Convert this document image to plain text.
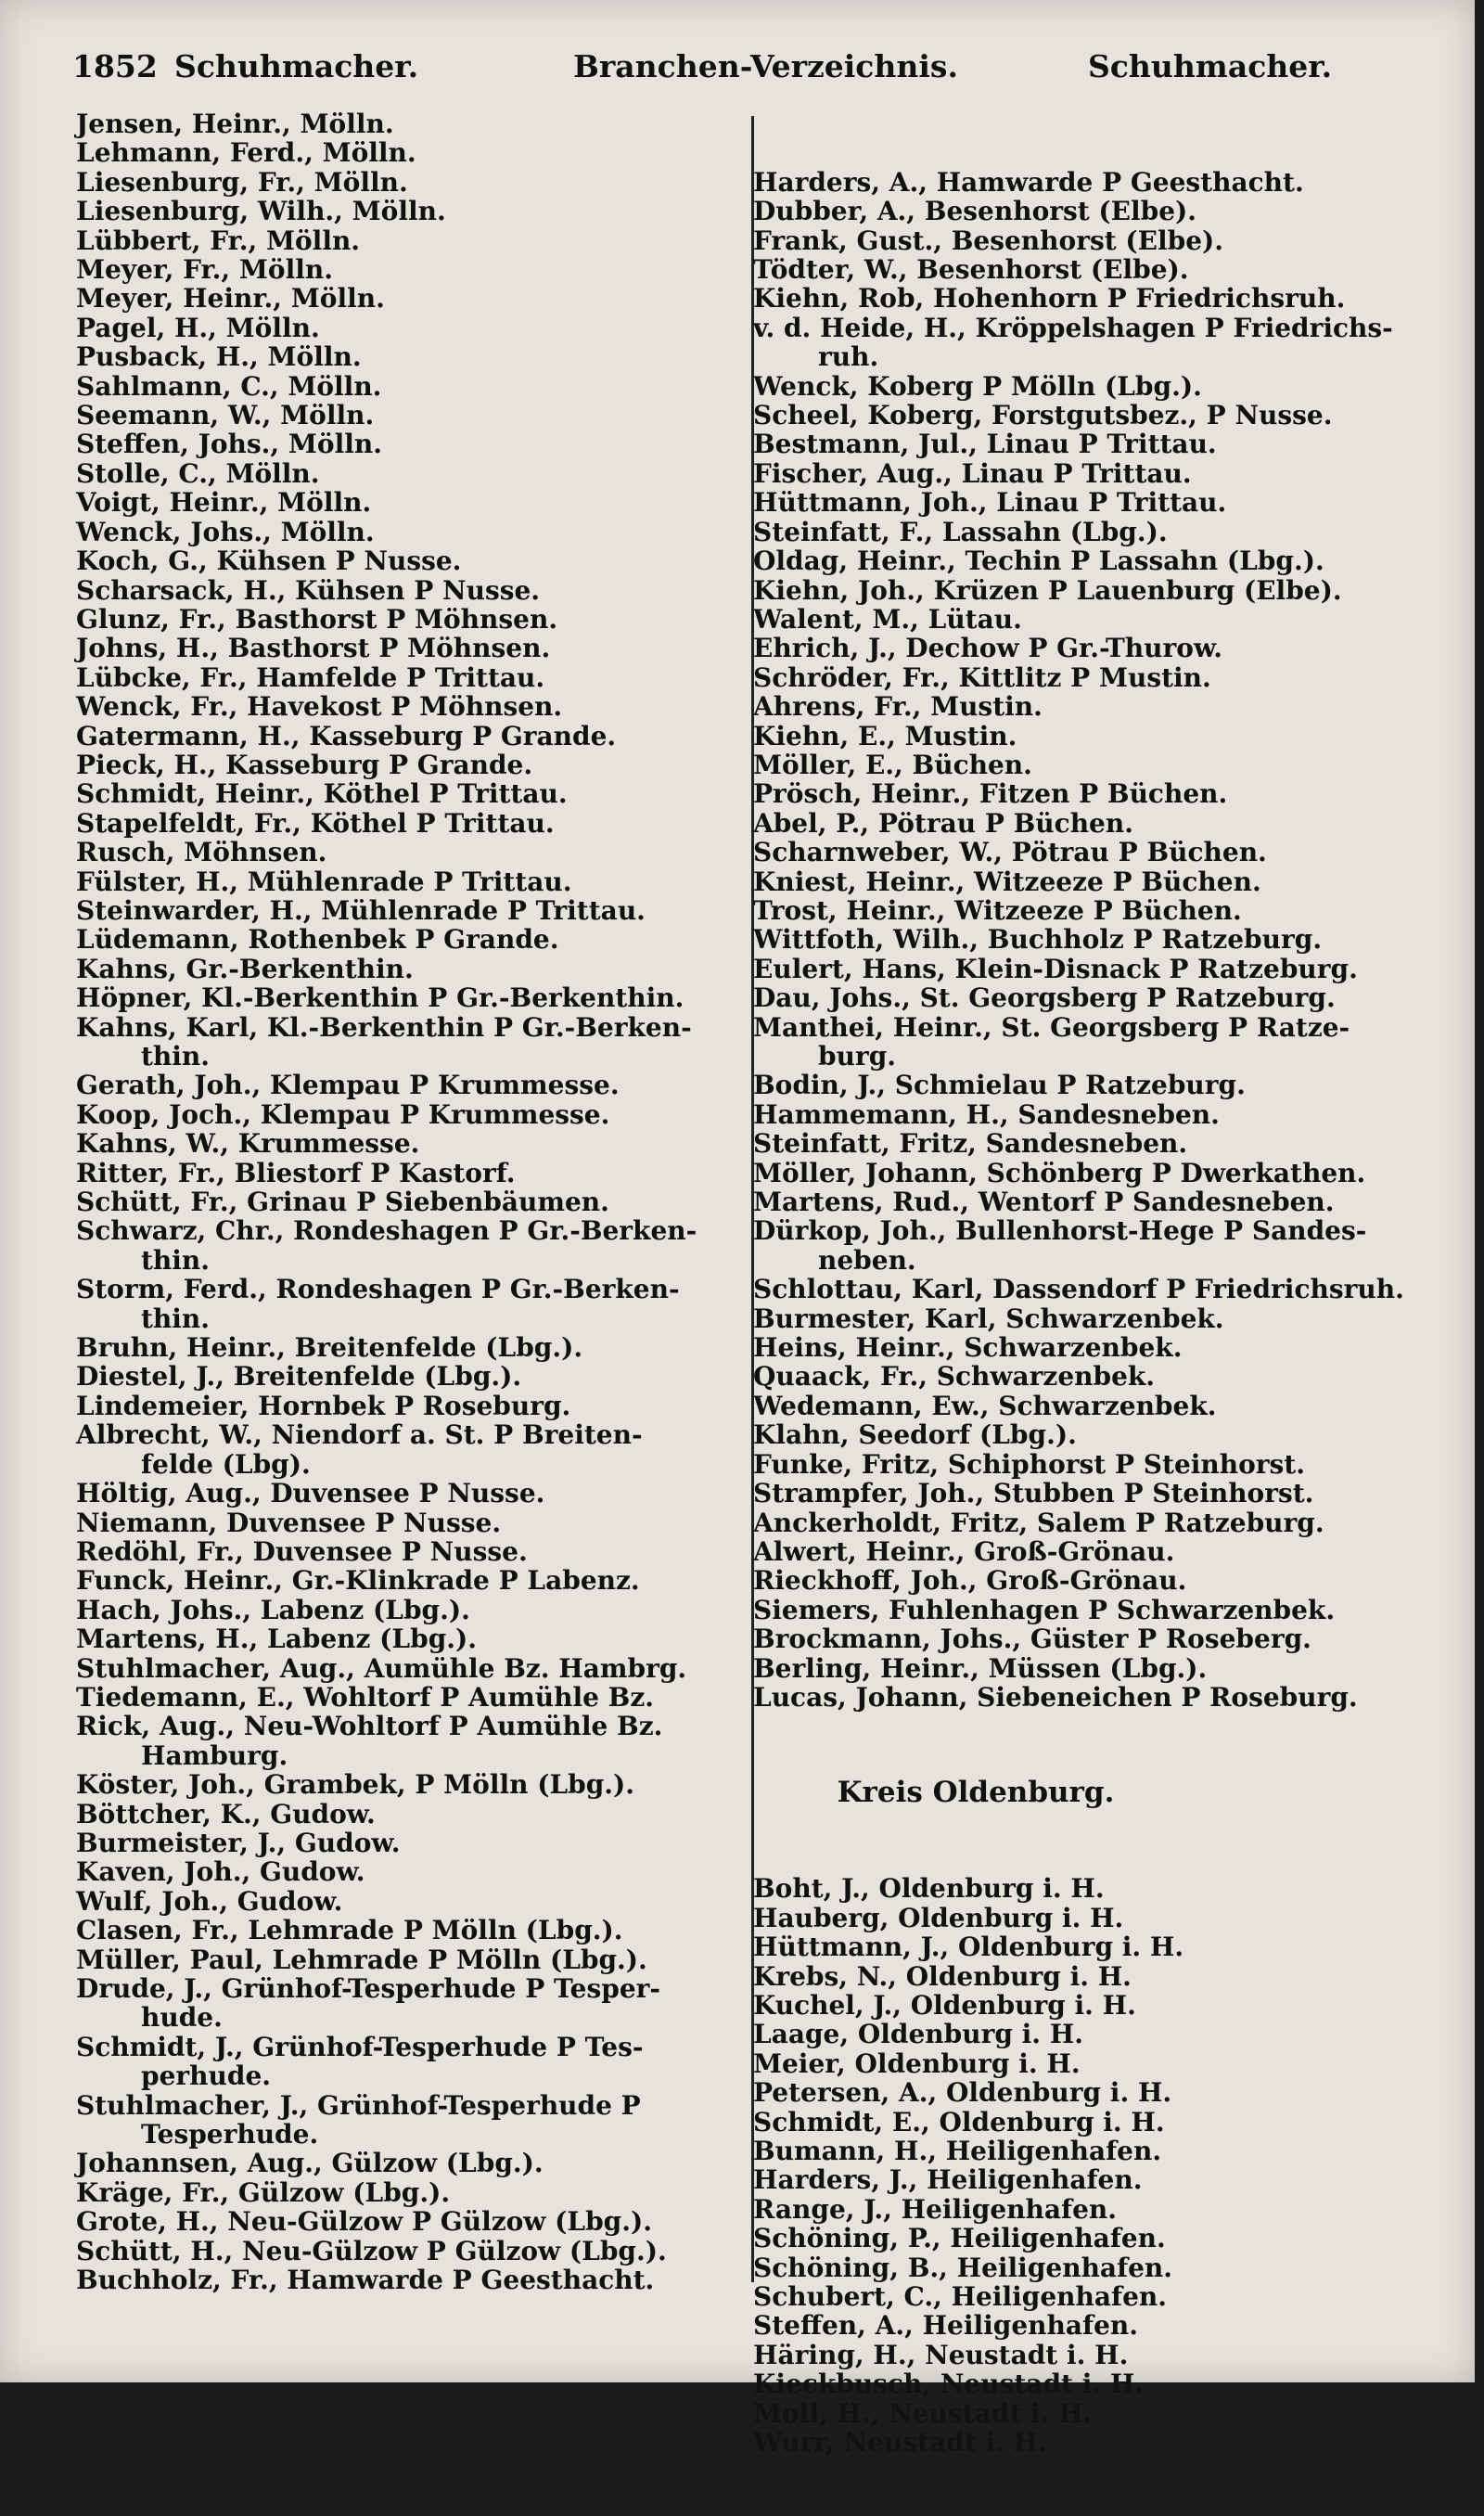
1852 Schuhmacher.	Branchen-Verzeichnis.	Schuhmacher.
Jensen, Heinr., Mölln.
Lehmann, Ferd., Mölln.
Liesenburg, Fr., Mölln.
Liesenburg, Wilh., Mölln.
Lübbert, Fr., Mölln.
Meyer, Fr., Mölln.
Meyer, Heinr., Mölln.
Pagel, H., Mölln.
Pusback, H., Mölln.
Sahlmann, C., Mölln.
Seemann, W., Mölln.
Steffen, Johs., Mölln.
Stolle, C., Mölln.
Voigt, Heinr., Mölln.
Wenck, Johs., Mölln.
Koch, G., Kühsen P Nusse.
Scharsack, H., Kühsen P Nusse.
Glunz, Fr., Basthorst P Möhnsen.
Johns, H., Basthorst P Möhnsen.
Lübcke, Fr., Hamfelde P Trittau.
Wenck, Fr., Havekost P Möhnsen.
Gatermann, H., Kasseburg P Grande.
Pieck, H., Kasseburg P Grande.
Schmidt, Heinr., Köthel P Trittau.
Stapelfeldt, Fr., Köthel P Trittau.
Rusch, Möhnsen.
Fülster, H., Mühlenrade P Trittau.
Steinwarder, H., Mühlenrade P Trittau.
Lüdemann, Rothenbek P Grande.
Kahns, Gr.-Berkenthin.
Höpner, Kl.-Berkenthin P Gr.-Berkenthin.
Kahns, Karl, Kl.-Berkenthin P Gr.-Berken-
thin.
Gerath, Joh., Klempau P Krummesse.
Koop, Joch., Klempau P Krummesse.
Kahns, W., Krummesse.
Ritter, Fr., Bliestorf P Kastorf.
Schütt, Fr., Grinau P Siebenbäumen.
Schwarz, Chr., Rondeshagen P Gr.-Berken-
thin.
Storm, Ferd., Rondeshagen P Gr.-Berken-
thin.
Bruhn, Heinr., Breitenfelde (Lbg.).
Diestel, J., Breitenfelde (Lbg.).
Lindemeier, Hornbek P Roseburg.
Albrecht, W., Niendorf a. St. P Breiten-
felde (Lbg).
Höltig, Aug., Duvensee P Nusse.
Niemann, Duvensee P Nusse.
Redöhl, Fr., Duvensee P Nusse.
Funck, Heinr., Gr.-Klinkrade P Labenz.
Hach, Johs., Labenz (Lbg.).
Martens, H., Labenz (Lbg.).
Stuhlmacher, Aug., Aumühle Bz. Hambrg.
Tiedemann, E., Wohltorf P Aumühle Bz.
Rick, Aug., Neu-Wohltorf P Aumühle Bz.
Hamburg.
Köster, Joh., Grambek, P Mölln (Lbg.).
Böttcher, K., Gudow.
Burmeister, J., Gudow.
Kaven, Joh., Gudow.
Wulf, Joh., Gudow.
Clasen, Fr., Lehmrade P Mölln (Lbg.).
Müller, Paul, Lehmrade P Mölln (Lbg.).
Drude, J., Grünhof-Tesperhude P Tesper-
hude.
Schmidt, J., Grünhof-Tesperhude P Tes-
perhude.
Stuhlmacher, J., Grünhof-Tesperhude P
Tesperhude.
Johannsen, Aug., Gülzow (Lbg.).
Kräge, Fr., Gülzow (Lbg.).
Grote, H., Neu-Gülzow P Gülzow (Lbg.).
Schütt, H., Neu-Gülzow P Gülzow (Lbg.).
Buchholz, Fr., Hamwarde P Geesthacht.

Harders, A., Hamwarde P Geesthacht.
Dubber, A., Besenhorst (Elbe).
Frank, Gust., Besenhorst (Elbe).
Tödter, W., Besenhorst (Elbe).
Kiehn, Rob, Hohenhorn P Friedrichsruh.
v. d. Heide, H., Kröppelshagen P Friedrichs-
ruh.
Wenck, Koberg P Mölln (Lbg.).
Scheel, Koberg, Forstgutsbez., P Nusse.
Bestmann, Jul., Linau P Trittau.
Fischer, Aug., Linau P Trittau.
Hüttmann, Joh., Linau P Trittau.
Steinfatt, F., Lassahn (Lbg.).
Oldag, Heinr., Techin P Lassahn (Lbg.).
Kiehn, Joh., Krüzen P Lauenburg (Elbe).
Walent, M., Lütau.
Ehrich, J., Dechow P Gr.-Thurow.
Schröder, Fr., Kittlitz P Mustin.
Ahrens, Fr., Mustin.
Kiehn, E., Mustin.
Möller, E., Büchen.
Prösch, Heinr., Fitzen P Büchen.
Abel, P., Pötrau P Büchen.
Scharnweber, W., Pötrau P Büchen.
Kniest, Heinr., Witzeeze P Büchen.
Trost, Heinr., Witzeeze P Büchen.
Wittfoth, Wilh., Buchholz P Ratzeburg.
Eulert, Hans, Klein-Disnack P Ratzeburg.
Dau, Johs., St. Georgsberg P Ratzeburg.
Manthei, Heinr., St. Georgsberg P Ratze-
burg.
Bodin, J., Schmielau P Ratzeburg.
Hammemann, H., Sandesneben.
Steinfatt, Fritz, Sandesneben.
Möller, Johann, Schönberg P Dwerkathen.
Martens, Rud., Wentorf P Sandesneben.
Dürkop, Joh., Bullenhorst-Hege P Sandes-
neben.
Schlottau, Karl, Dassendorf P Friedrichsruh.
Burmester, Karl, Schwarzenbek.
Heins, Heinr., Schwarzenbek.
Quaack, Fr., Schwarzenbek.
Wedemann, Ew., Schwarzenbek.
Klahn, Seedorf (Lbg.).
Funke, Fritz, Schiphorst P Steinhorst.
Strampfer, Joh., Stubben P Steinhorst.
Anckerholdt, Fritz, Salem P Ratzeburg.
Alwert, Heinr., Groß-Grönau.
Rieckhoff, Joh., Groß-Grönau.
Siemers, Fuhlenhagen P Schwarzenbek.
Brockmann, Johs., Güster P Roseberg.
Berling, Heinr., Müssen (Lbg.).
Lucas, Johann, Siebeneichen P Roseburg.

Kreis Oldenburg.

Boht, J., Oldenburg i. H.
Hauberg, Oldenburg i. H.
Hüttmann, J., Oldenburg i. H.
Krebs, N., Oldenburg i. H.
Kuchel, J., Oldenburg i. H.
Laage, Oldenburg i. H.
Meier, Oldenburg i. H.
Petersen, A., Oldenburg i. H.
Schmidt, E., Oldenburg i. H.
Bumann, H., Heiligenhafen.
Harders, J., Heiligenhafen.
Range, J., Heiligenhafen.
Schöning, P., Heiligenhafen.
Schöning, B., Heiligenhafen.
Schubert, C., Heiligenhafen.
Steffen, A., Heiligenhafen.
Häring, H., Neustadt i. H.
Kieckbusch, Neustadt i. H.
Moll, H., Neustadt i. H.
Wurr, Neustadt i. H.
